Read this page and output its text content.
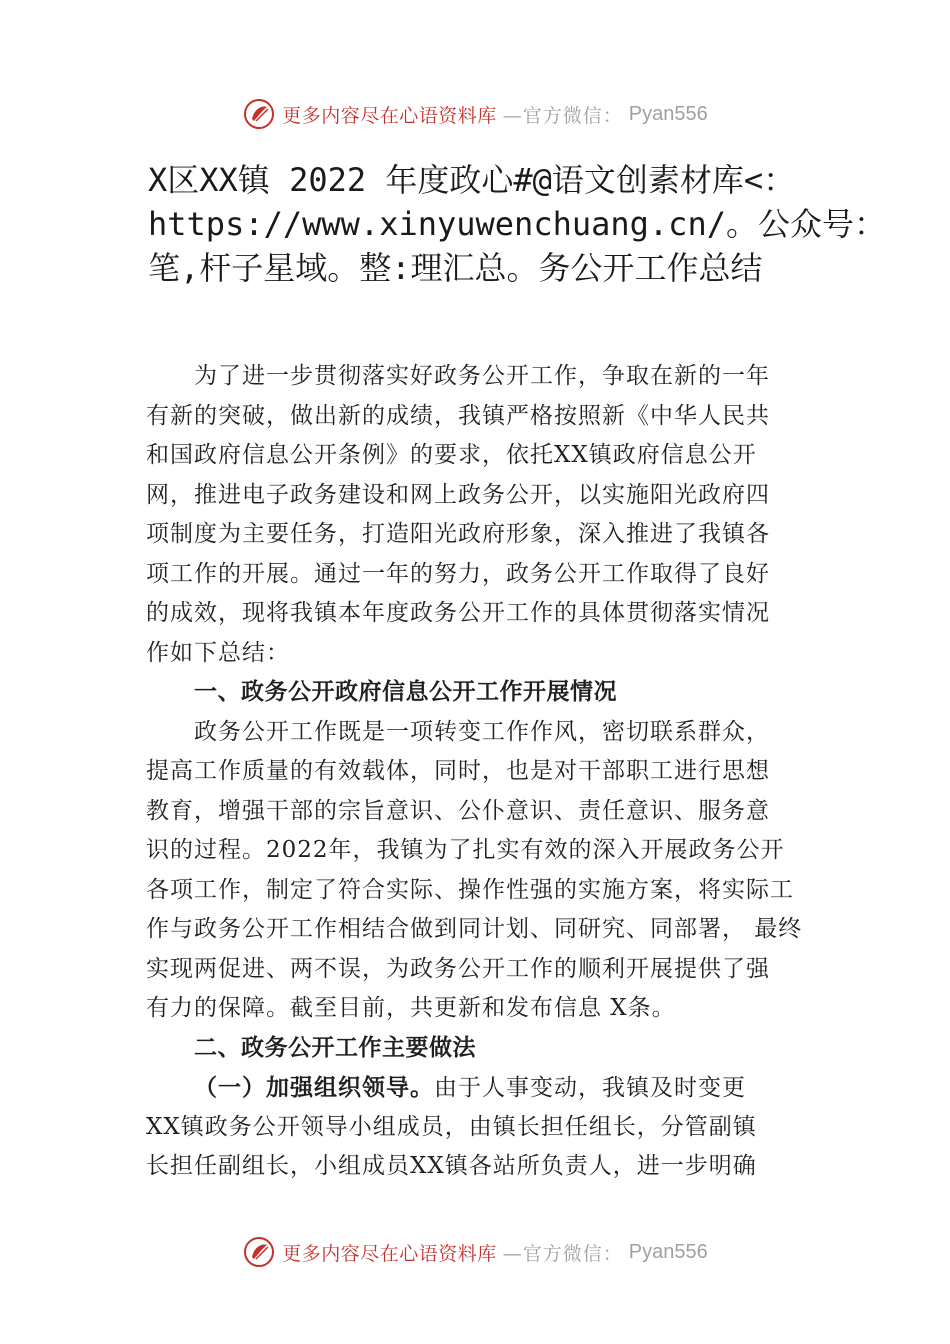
更多内容尽在心语资料库 —官方微信： Pyan556
X区XX镇 2022 年度政心#@语文创素材库<：
https://www.xinyuwenchuang.cn/。公众号：
笔,杆子星域。整:理汇总。务公开工作总结
为了进一步贯彻落实好政务公开工作，争取在新的一年
有新的突破，做出新的成绩，我镇严格按照新《中华人民共
和国政府信息公开条例》的要求，依托XX镇政府信息公开
网，推进电子政务建设和网上政务公开，以实施阳光政府四
项制度为主要任务，打造阳光政府形象，深入推进了我镇各
项工作的开展。通过一年的努力，政务公开工作取得了良好
的成效，现将我镇本年度政务公开工作的具体贯彻落实情况
作如下总结：
一、政务公开政府信息公开工作开展情况
政务公开工作既是一项转变工作作风，密切联系群众，
提高工作质量的有效载体，同时，也是对干部职工进行思想
教育，增强干部的宗旨意识、公仆意识、责任意识、服务意
识的过程。2022年，我镇为了扎实有效的深入开展政务公开
各项工作，制定了符合实际、操作性强的实施方案，将实际工
作与政务公开工作相结合做到同计划、同研究、同部署， 最终
实现两促进、两不误，为政务公开工作的顺利开展提供了强
有力的保障。截至目前，共更新和发布信息 X条。
二、政务公开工作主要做法
（一）加强组织领导。由于人事变动，我镇及时变更
XX镇政务公开领导小组成员，由镇长担任组长，分管副镇
长担任副组长，小组成员XX镇各站所负责人，进一步明确
更多内容尽在心语资料库 —官方微信： Pyan556
